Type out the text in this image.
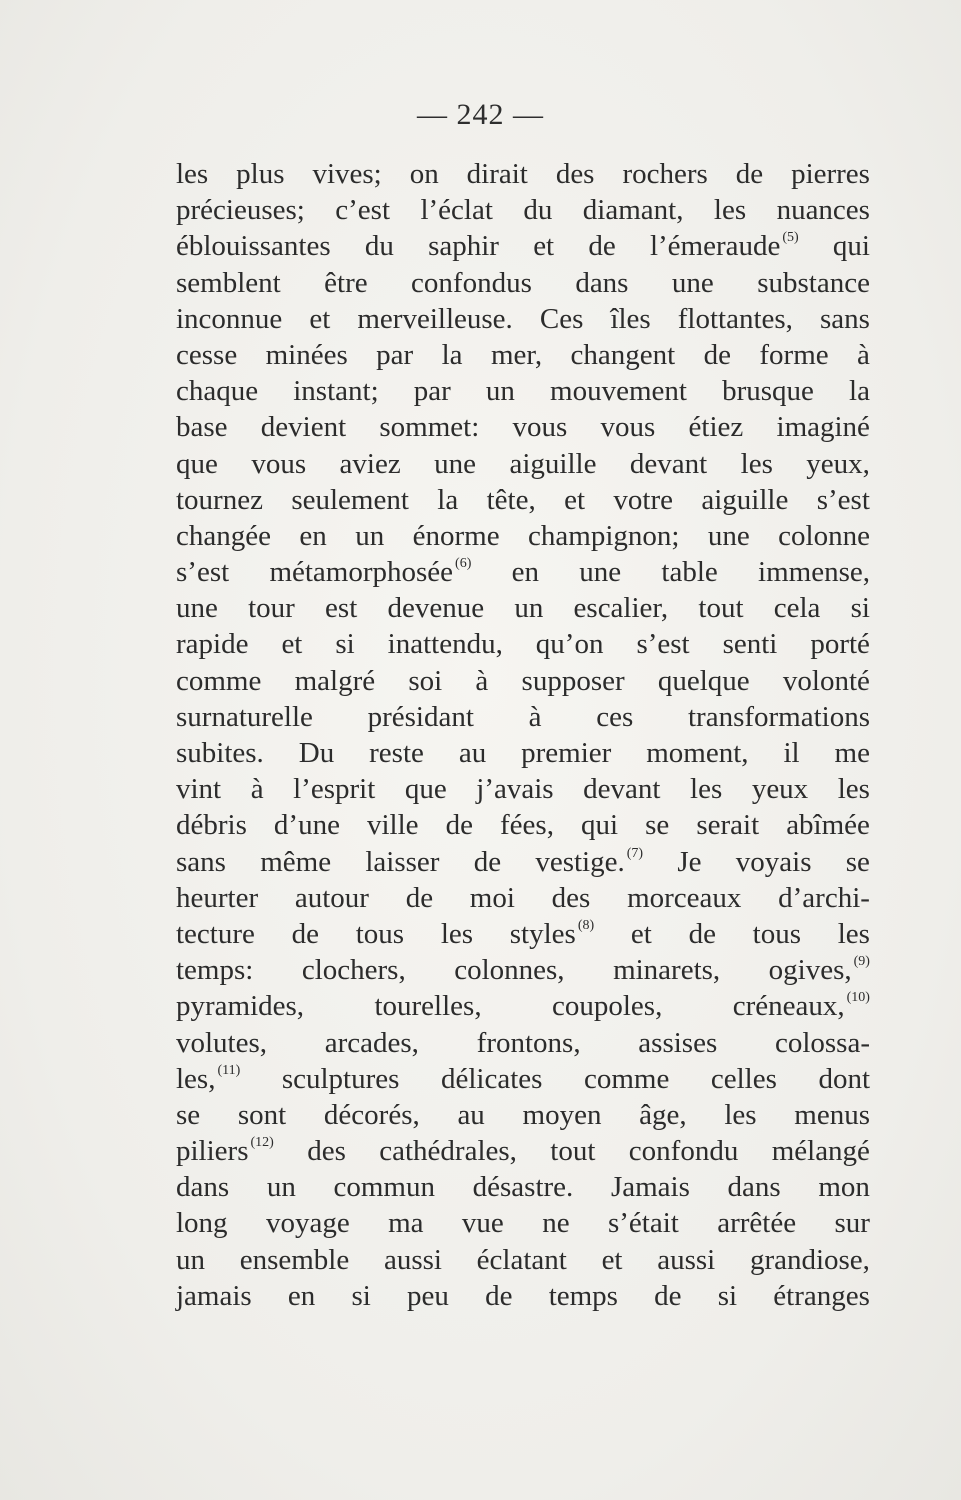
— 242 —
les plus vives; on dirait des rochers de pierres
précieuses; c’est l’éclat du diamant, les nuances
éblouissantes du saphir et de l’émeraude $^{(5)}$ qui
semblent être confondus dans une substance
inconnue et merveilleuse. Ces îles flottantes, sans
cesse minées par la mer, changent de forme à
chaque instant; par un mouvement brusque la
base devient sommet: vous vous étiez imaginé
que vous aviez une aiguille devant les yeux,
tournez seulement la tête, et votre aiguille s’est
changée en un énorme champignon; une colonne
s’est métamorphosée $^{(6)}$ en une table immense,
une tour est devenue un escalier, tout cela si
rapide et si inattendu, qu’on s’est senti porté
comme malgré soi à supposer quelque volonté
surnaturelle présidant à ces transformations
subites. Du reste au premier moment, il me
vint à l’esprit que j’avais devant les yeux les
débris d’une ville de fées, qui se serait abîmée
sans même laisser de vestige. $^{(7)}$ Je voyais se
heurter autour de moi des morceaux d’archi-
tecture de tous les styles $^{(8)}$ et de tous les
temps: clochers, colonnes, minarets, ogives, $^{(9)}$
pyramides, tourelles, coupoles, créneaux, $^{(10)}$
volutes, arcades, frontons, assises colossa-
les, $^{(11)}$ sculptures délicates comme celles dont
se sont décorés, au moyen âge, les menus
piliers $^{(12)}$ des cathédrales, tout confondu mélangé
dans un commun désastre. Jamais dans mon
long voyage ma vue ne s’était arrêtée sur
un ensemble aussi éclatant et aussi grandiose,
jamais en si peu de temps de si étranges
